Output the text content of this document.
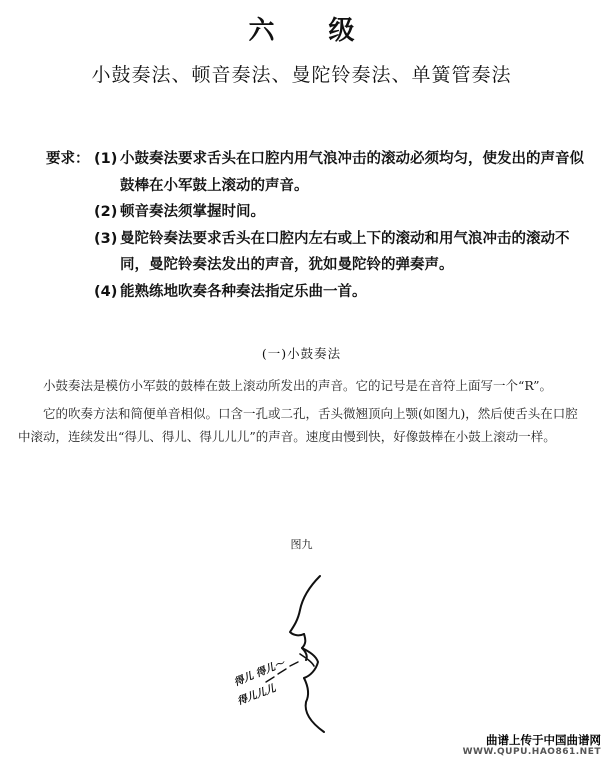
六级
小鼓奏法、顿音奏法、曼陀铃奏法、单簧管奏法
要求： (1) 小鼓奏法要求舌头在口腔内用气浪冲击的滚动必须均匀，使发出的声音似鼓棒在小军鼓上滚动的声音。
(2) 顿音奏法须掌握时间。
(3) 曼陀铃奏法要求舌头在口腔内左右或上下的滚动和用气浪冲击的滚动不同，曼陀铃奏法发出的声音，犹如曼陀铃的弹奏声。
(4) 能熟练地吹奏各种奏法指定乐曲一首。
(一)小鼓奏法

小鼓奏法是模仿小军鼓的鼓棒在鼓上滚动所发出的声音。它的记号是在音符上面写一个“R”。

它的吹奏方法和简便单音相似。口含一孔或二孔，舌头微翘顶向上颚(如图九)，然后使舌头在口腔中滚动，连续发出“得儿、得儿、得儿儿儿”的声音。速度由慢到快，好像鼓棒在小鼓上滚动一样。

图九
得儿 得儿～
得儿儿儿
曲谱上传于中国曲谱网
WWW.QUPU.HAO861.NET
